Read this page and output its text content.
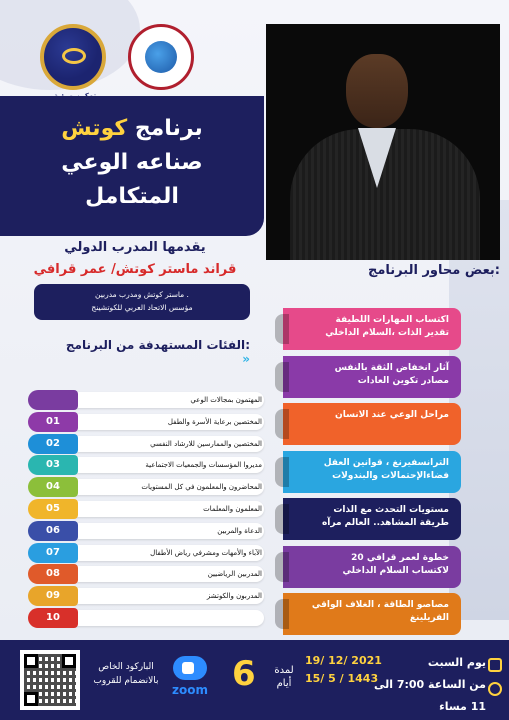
برنامج كوتش
صناعه الوعي
المتكامل
يقدمها المدرب الدولي
قراند ماستر كوتش/ عمر قرافي
ماستر كوتش ومدرب مدربين .
مؤسس الاتحاد العربي للكوتشينج
الفئات المستهدفة من البرنامج: »
بعض محاور البرنامج:
المهتمون بمجالات الوعي
01	المختصين برعاية الأسرة والطفل
02	المختصين والممارسين للارشاد النفسي
03	مديروا المؤسسات والجمعيات الاجتماعية
04	المحاضرون والمعلمون في كل المستويات
05	المعلمون والمعلمات
06	الدعاة والمربين
07	الآباء والأمهات ومشرفي رياض الأطفال
08	المدربين الرياضيين
09	المدربون والكوتشز
10
اكتساب المهارات اللطيفة
تقدير الذات ،السلام الداخلي
آثار انخفاض الثقة بالنفس
مصادر تكوين العادات
مراحل الوعي عند الانسان
الترانسفيرنغ ، قوانين العقل
فضاءالإحتمالات والبندولات
مستويات التحدث مع الذات
طريقة المشاهد.. العالم مرآه
20 خطوة لعمر قرافي
لاكتساب السلام الداخلي
مصاصو الطاقة ، الغلاف الواقي
الفريلينغ
الباركود الخاص
بالانضمام للقروب
zoom 6	لمدة
أيام
19/ 12/ 2021
15/ 5 / 1443
يوم السبت
من الساعة 7:00 الى 11 مساء
